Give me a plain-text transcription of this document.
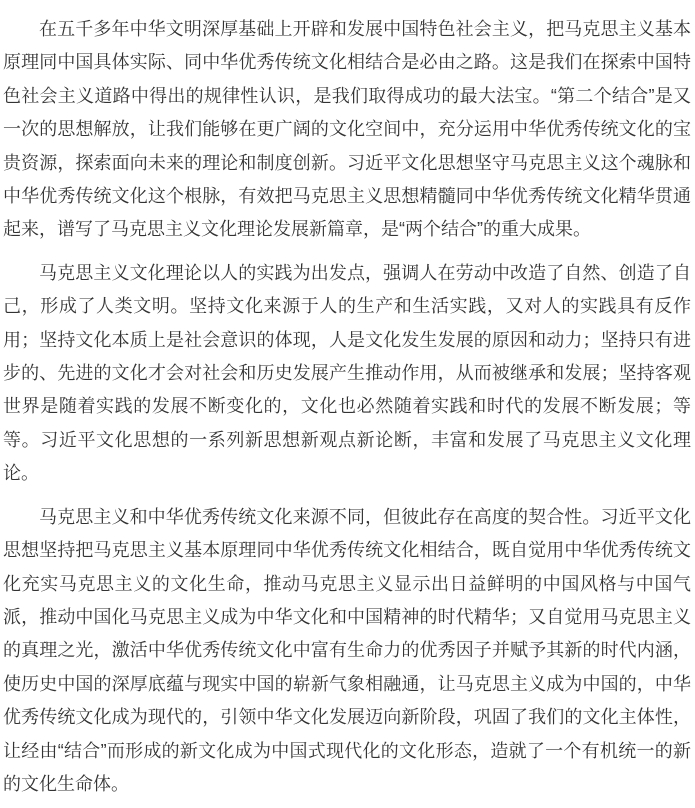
在五千多年中华文明深厚基础上开辟和发展中国特色社会主义，把马克思主义基本原理同中国具体实际、同中华优秀传统文化相结合是必由之路。这是我们在探索中国特色社会主义道路中得出的规律性认识，是我们取得成功的最大法宝。“第二个结合”是又一次的思想解放，让我们能够在更广阔的文化空间中，充分运用中华优秀传统文化的宝贵资源，探索面向未来的理论和制度创新。习近平文化思想坚守马克思主义这个魂脉和中华优秀传统文化这个根脉，有效把马克思主义思想精髓同中华优秀传统文化精华贯通起来，谱写了马克思主义文化理论发展新篇章，是“两个结合”的重大成果。

马克思主义文化理论以人的实践为出发点，强调人在劳动中改造了自然、创造了自己，形成了人类文明。坚持文化来源于人的生产和生活实践，又对人的实践具有反作用；坚持文化本质上是社会意识的体现，人是文化发生发展的原因和动力；坚持只有进步的、先进的文化才会对社会和历史发展产生推动作用，从而被继承和发展；坚持客观世界是随着实践的发展不断变化的，文化也必然随着实践和时代的发展不断发展；等等。习近平文化思想的一系列新思想新观点新论断，丰富和发展了马克思主义文化理论。

马克思主义和中华优秀传统文化来源不同，但彼此存在高度的契合性。习近平文化思想坚持把马克思主义基本原理同中华优秀传统文化相结合，既自觉用中华优秀传统文化充实马克思主义的文化生命，推动马克思主义显示出日益鲜明的中国风格与中国气派，推动中国化马克思主义成为中华文化和中国精神的时代精华；又自觉用马克思主义的真理之光，激活中华优秀传统文化中富有生命力的优秀因子并赋予其新的时代内涵，使历史中国的深厚底蕴与现实中国的崭新气象相融通，让马克思主义成为中国的，中华优秀传统文化成为现代的，引领中华文化发展迈向新阶段，巩固了我们的文化主体性，让经由“结合”而形成的新文化成为中国式现代化的文化形态，造就了一个有机统一的新的文化生命体。
